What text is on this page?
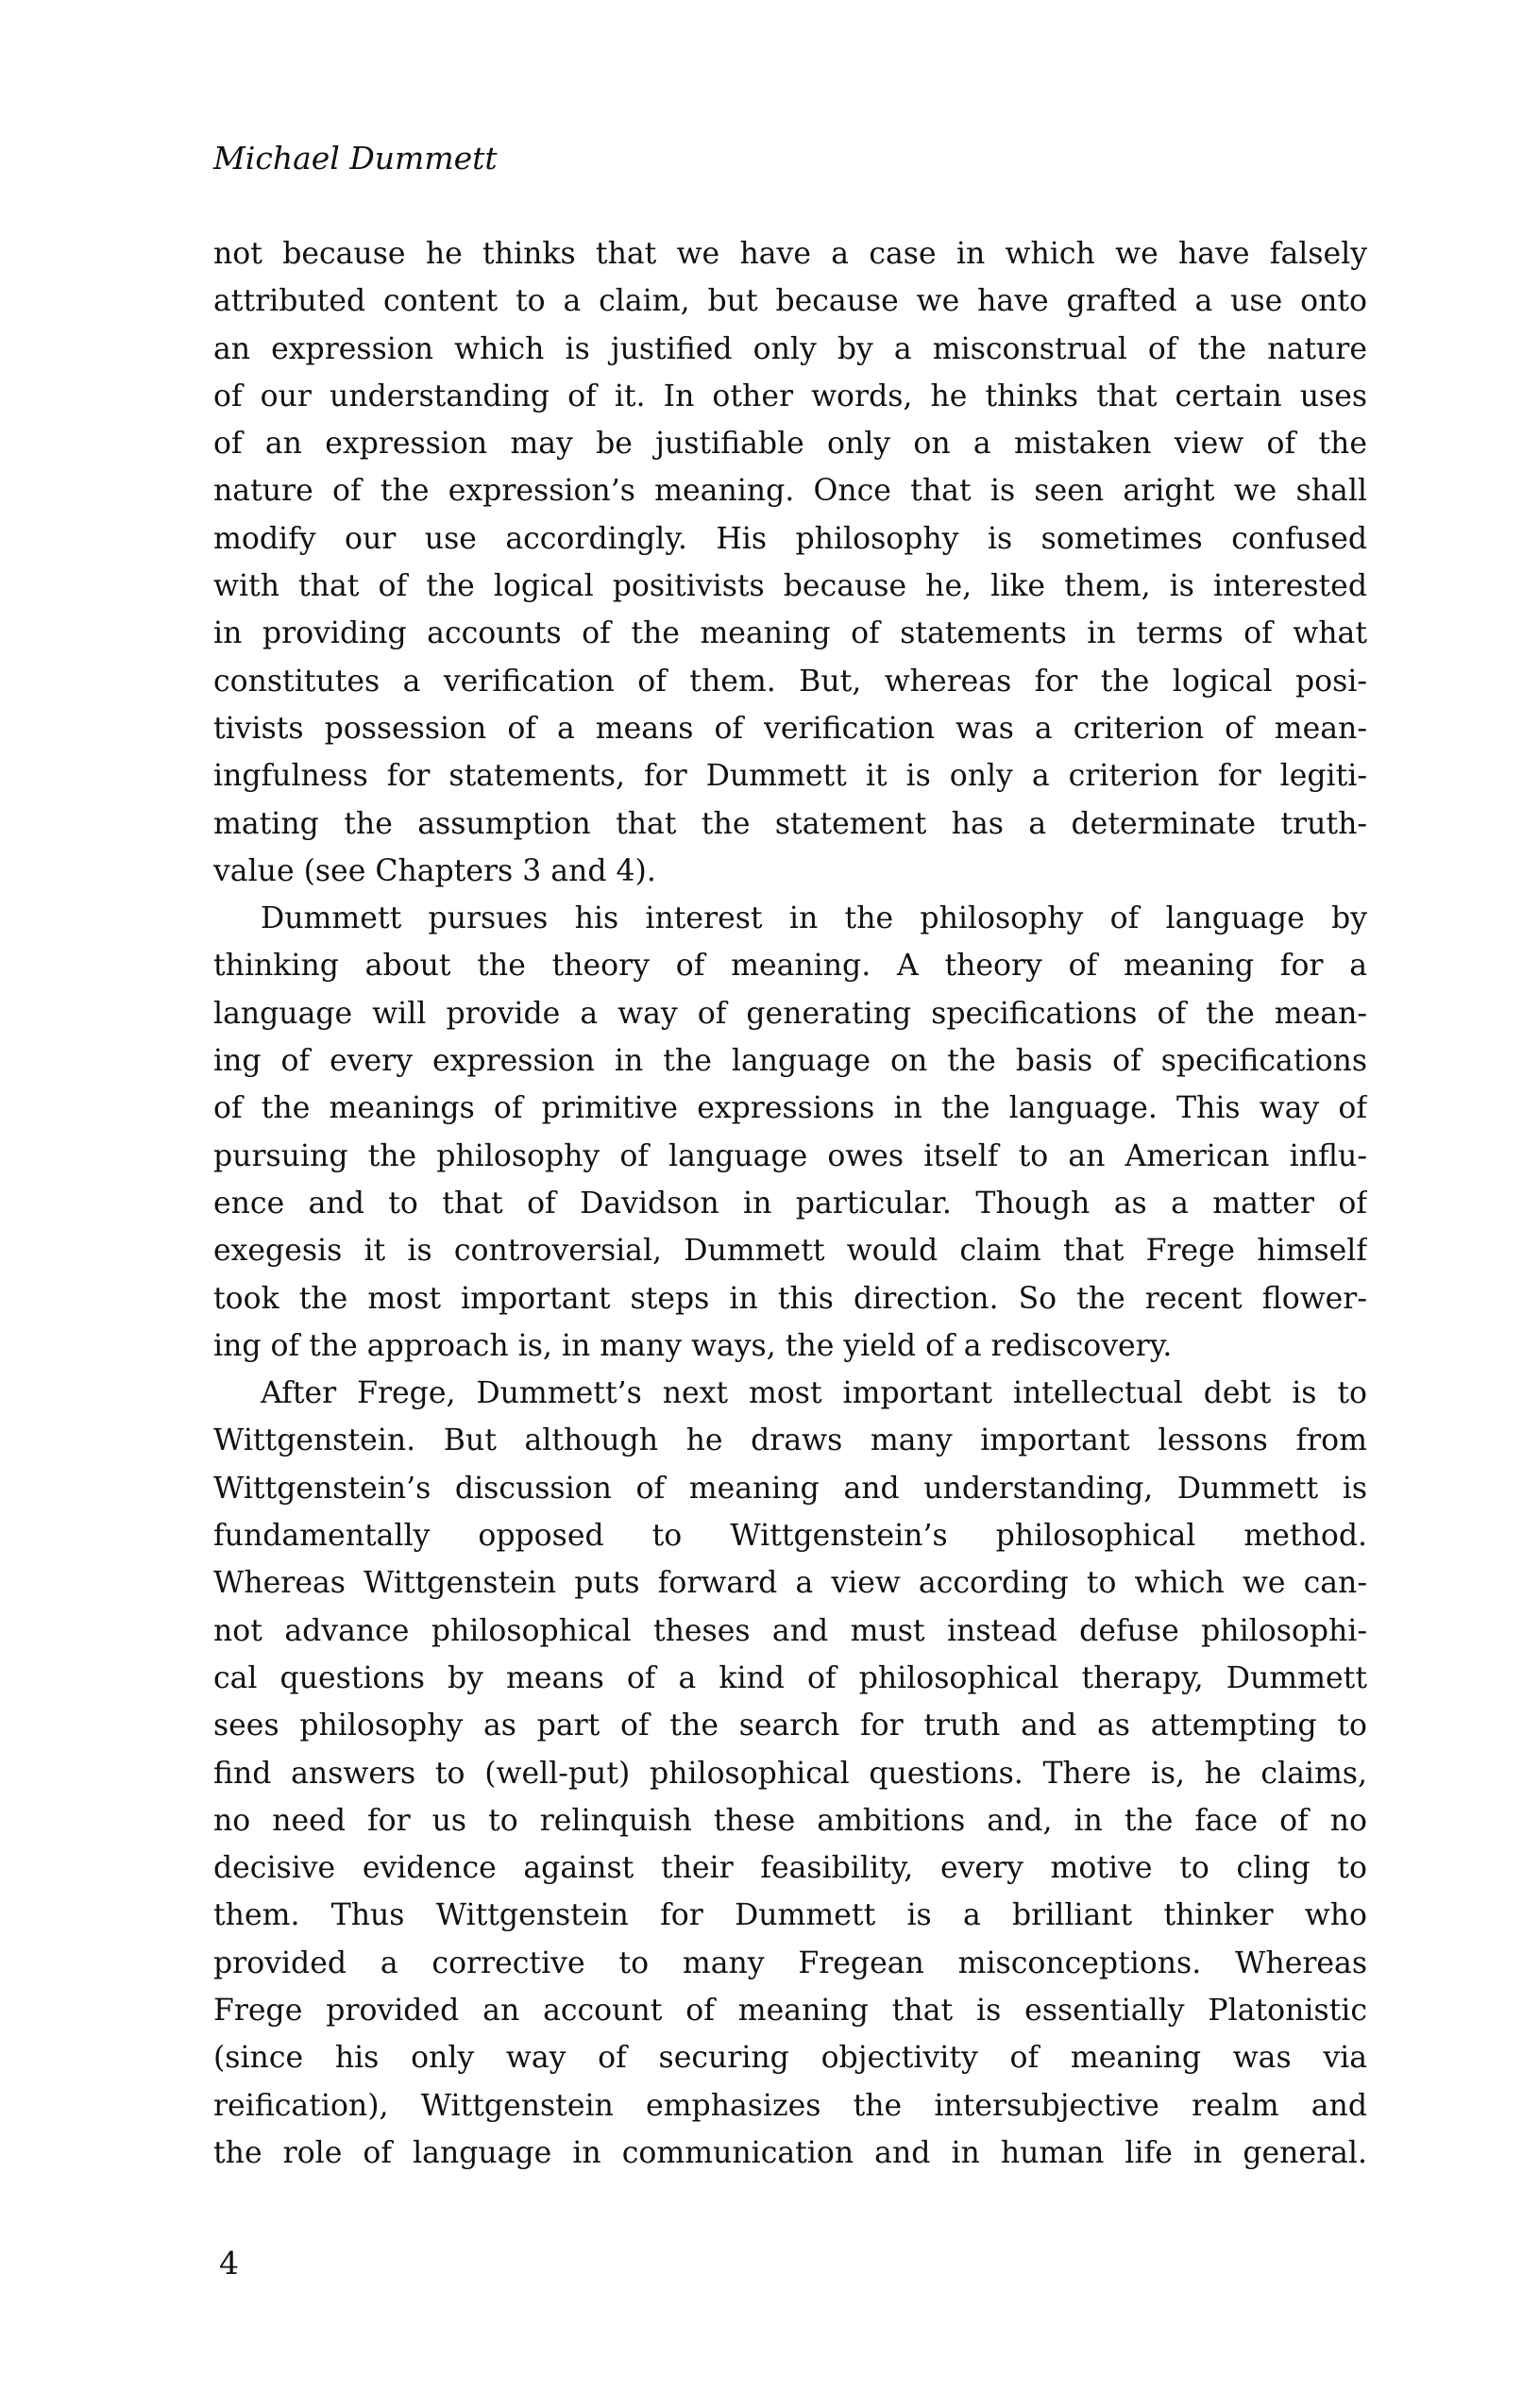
Michael Dummett
not because he thinks that we have a case in which we have falsely
attributed content to a claim, but because we have grafted a use onto
an expression which is justified only by a misconstrual of the nature
of our understanding of it. In other words, he thinks that certain uses
of an expression may be justifiable only on a mistaken view of the
nature of the expression’s meaning. Once that is seen aright we shall
modify our use accordingly. His philosophy is sometimes confused
with that of the logical positivists because he, like them, is interested
in providing accounts of the meaning of statements in terms of what
constitutes a verification of them. But, whereas for the logical posi-
tivists possession of a means of verification was a criterion of mean-
ingfulness for statements, for Dummett it is only a criterion for legiti-
mating the assumption that the statement has a determinate truth-
value (see Chapters 3 and 4).
Dummett pursues his interest in the philosophy of language by
thinking about the theory of meaning. A theory of meaning for a
language will provide a way of generating specifications of the mean-
ing of every expression in the language on the basis of specifications
of the meanings of primitive expressions in the language. This way of
pursuing the philosophy of language owes itself to an American influ-
ence and to that of Davidson in particular. Though as a matter of
exegesis it is controversial, Dummett would claim that Frege himself
took the most important steps in this direction. So the recent flower-
ing of the approach is, in many ways, the yield of a rediscovery.
After Frege, Dummett’s next most important intellectual debt is to
Wittgenstein. But although he draws many important lessons from
Wittgenstein’s discussion of meaning and understanding, Dummett is
fundamentally opposed to Wittgenstein’s philosophical method.
Whereas Wittgenstein puts forward a view according to which we can-
not advance philosophical theses and must instead defuse philosophi-
cal questions by means of a kind of philosophical therapy, Dummett
sees philosophy as part of the search for truth and as attempting to
find answers to (well-put) philosophical questions. There is, he claims,
no need for us to relinquish these ambitions and, in the face of no
decisive evidence against their feasibility, every motive to cling to
them. Thus Wittgenstein for Dummett is a brilliant thinker who
provided a corrective to many Fregean misconceptions. Whereas
Frege provided an account of meaning that is essentially Platonistic
(since his only way of securing objectivity of meaning was via
reification), Wittgenstein emphasizes the intersubjective realm and
the role of language in communication and in human life in general.
4
